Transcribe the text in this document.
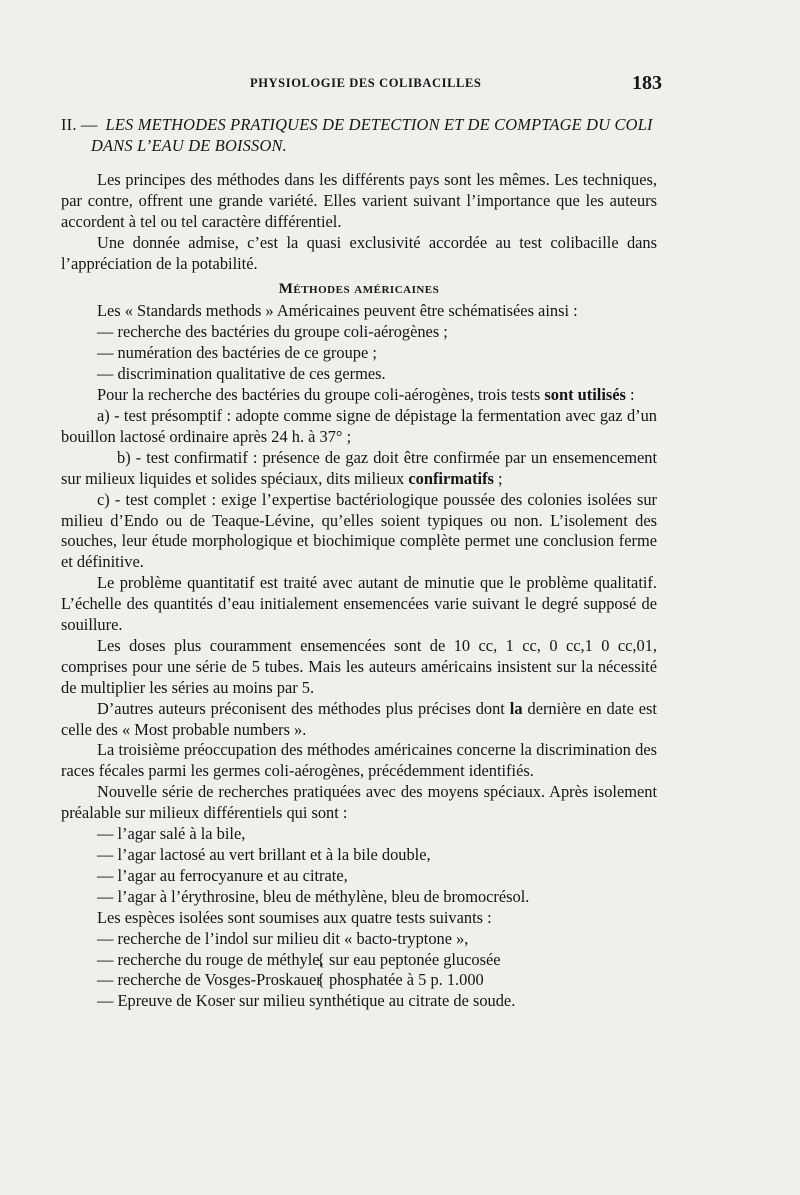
PHYSIOLOGIE DES COLIBACILLES	183
II. — LES METHODES PRATIQUES DE DETECTION ET DE COMPTAGE DU COLI DANS L’EAU DE BOISSON.

Les principes des méthodes dans les différents pays sont les mêmes. Les techniques, par contre, offrent une grande variété. Elles varient suivant l’importance que les auteurs accordent à tel ou tel caractère différentiel.

Une donnée admise, c’est la quasi exclusivité accordée au test colibacille dans l’appréciation de la potabilité.

Méthodes américaines

Les « Standards methods » Américaines peuvent être schématisées ainsi :

— recherche des bactéries du groupe coli-aérogènes ;
— numération des bactéries de ce groupe ;
— discrimination qualitative de ces germes.

Pour la recherche des bactéries du groupe coli-aérogènes, trois tests sont utilisés :

a) - test présomptif : adopte comme signe de dépistage la fermentation avec gaz d’un bouillon lactosé ordinaire après 24 h. à 37° ;

b) - test confirmatif : présence de gaz doit être confirmée par un ensemencement sur milieux liquides et solides spéciaux, dits milieux confirmatifs ;

c) - test complet : exige l’expertise bactériologique poussée des colonies isolées sur milieu d’Endo ou de Teaque-Lévine, qu’elles soient typiques ou non. L’isolement des souches, leur étude morphologique et biochimique complète permet une conclusion ferme et définitive.

Le problème quantitatif est traité avec autant de minutie que le problème qualitatif. L’échelle des quantités d’eau initialement ensemencées varie suivant le degré supposé de souillure.

Les doses plus couramment ensemencées sont de 10 cc, 1 cc, 0 cc,1 0 cc,01, comprises pour une série de 5 tubes. Mais les auteurs américains insistent sur la nécessité de multiplier les séries au moins par 5.

D’autres auteurs préconisent des méthodes plus précises dont la dernière en date est celle des « Most probable numbers ».

La troisième préoccupation des méthodes américaines concerne la discrimination des races fécales parmi les germes coli-aérogènes, précédemment identifiés.

Nouvelle série de recherches pratiquées avec des moyens spéciaux. Après isolement préalable sur milieux différentiels qui sont :

— l’agar salé à la bile,
— l’agar lactosé au vert brillant et à la bile double,
— l’agar au ferrocyanure et au citrate,
— l’agar à l’érythrosine, bleu de méthylène, bleu de bromocrésol.

Les espèces isolées sont soumises aux quatre tests suivants :

— recherche de l’indol sur milieu dit « bacto-tryptone »,
— recherche du rouge de méthyle,
{ sur eau peptonée glucosée
— recherche de Vosges-Proskauer
{ phosphatée à 5 p. 1.000
— Epreuve de Koser sur milieu synthétique au citrate de soude.
